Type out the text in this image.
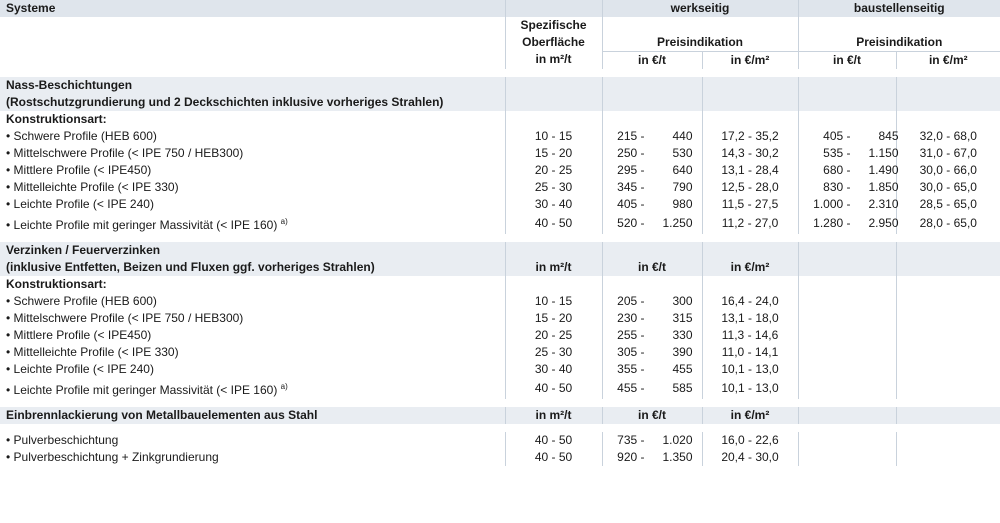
Systeme		werkseitig		baustellenseitig	
	Spezifische	Preisindikation		Preisindikation	
	Oberfläche				
	in m²/t	in €/t	in €/m²	in €/t	in €/m²

Nass-Beschichtungen					
(Rostschutzgrundierung und 2 Deckschichten inklusive vorheriges Strahlen)					
Konstruktionsart:					
• Schwere Profile (HEB 600)	10 - 15	215 - 440	17,2 - 35,2	405 - 845	32,0 - 68,0
• Mittelschwere Profile (< IPE 750 / HEB300)	15 - 20	250 - 530	14,3 - 30,2	535 - 1.150	31,0 - 67,0
• Mittlere Profile (< IPE450)	20 - 25	295 - 640	13,1 - 28,4	680 - 1.490	30,0 - 66,0
• Mittelleichte Profile (< IPE 330)	25 - 30	345 - 790	12,5 - 28,0	830 - 1.850	30,0 - 65,0
• Leichte Profile (< IPE 240)	30 - 40	405 - 980	11,5 - 27,5	1.000 - 2.310	28,5 - 65,0
• Leichte Profile mit geringer Massivität (< IPE 160) $^{a)}$	40 - 50	520 - 1.250	11,2 - 27,0	1.280 - 2.950	28,0 - 65,0

Verzinken / Feuerverzinken					
(inklusive Entfetten, Beizen und Fluxen ggf. vorheriges Strahlen)	in m²/t	in €/t	in €/m²		
Konstruktionsart:					
• Schwere Profile (HEB 600)	10 - 15	205 - 300	16,4 - 24,0		
• Mittelschwere Profile (< IPE 750 / HEB300)	15 - 20	230 - 315	13,1 - 18,0		
• Mittlere Profile (< IPE450)	20 - 25	255 - 330	11,3 - 14,6		
• Mittelleichte Profile (< IPE 330)	25 - 30	305 - 390	11,0 - 14,1		
• Leichte Profile (< IPE 240)	30 - 40	355 - 455	10,1 - 13,0		
• Leichte Profile mit geringer Massivität (< IPE 160) $^{a)}$	40 - 50	455 - 585	10,1 - 13,0		

Einbrennlackierung von Metallbauelementen aus Stahl	in m²/t	in €/t	in €/m²		

• Pulverbeschichtung	40 - 50	735 - 1.020	16,0 - 22,6		
• Pulverbeschichtung + Zinkgrundierung	40 - 50	920 - 1.350	20,4 - 30,0		
